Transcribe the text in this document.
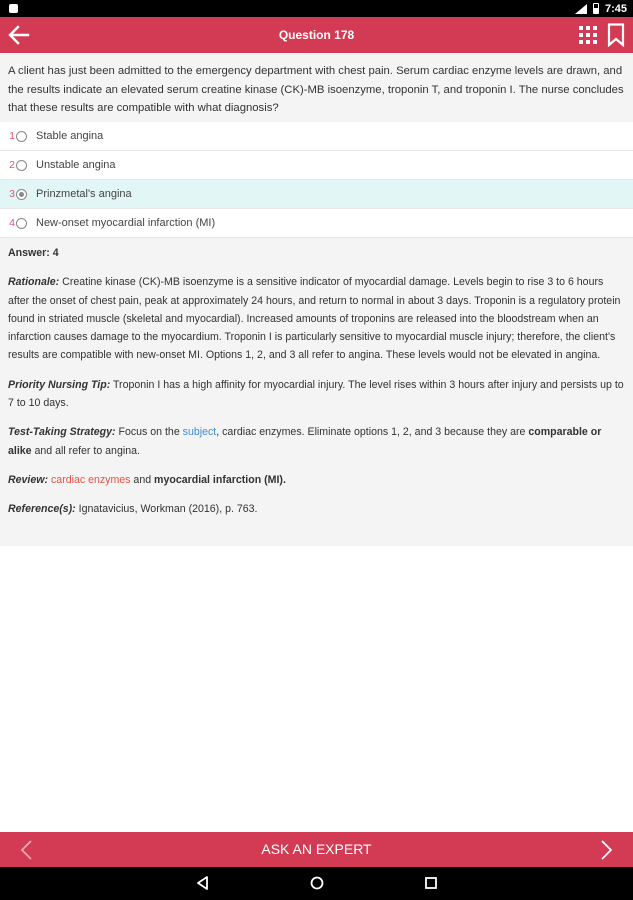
7:45
Question 178
A client has just been admitted to the emergency department with chest pain. Serum cardiac enzyme levels are drawn, and the results indicate an elevated serum creatine kinase (CK)-MB isoenzyme, troponin T, and troponin I. The nurse concludes that these results are compatible with what diagnosis?
1 Stable angina
2 Unstable angina
3 Prinzmetal's angina
4 New-onset myocardial infarction (MI)
Answer: 4

Rationale: Creatine kinase (CK)-MB isoenzyme is a sensitive indicator of myocardial damage. Levels begin to rise 3 to 6 hours after the onset of chest pain, peak at approximately 24 hours, and return to normal in about 3 days. Troponin is a regulatory protein found in striated muscle (skeletal and myocardial). Increased amounts of troponins are released into the bloodstream when an infarction causes damage to the myocardium. Troponin I is particularly sensitive to myocardial muscle injury; therefore, the client's results are compatible with new-onset MI. Options 1, 2, and 3 all refer to angina. These levels would not be elevated in angina.

Priority Nursing Tip: Troponin I has a high affinity for myocardial injury. The level rises within 3 hours after injury and persists up to 7 to 10 days.

Test-Taking Strategy: Focus on the subject, cardiac enzymes. Eliminate options 1, 2, and 3 because they are comparable or alike and all refer to angina.

Review: cardiac enzymes and myocardial infarction (MI).

Reference(s): Ignatavicius, Workman (2016), p. 763.

ASK AN EXPERT
